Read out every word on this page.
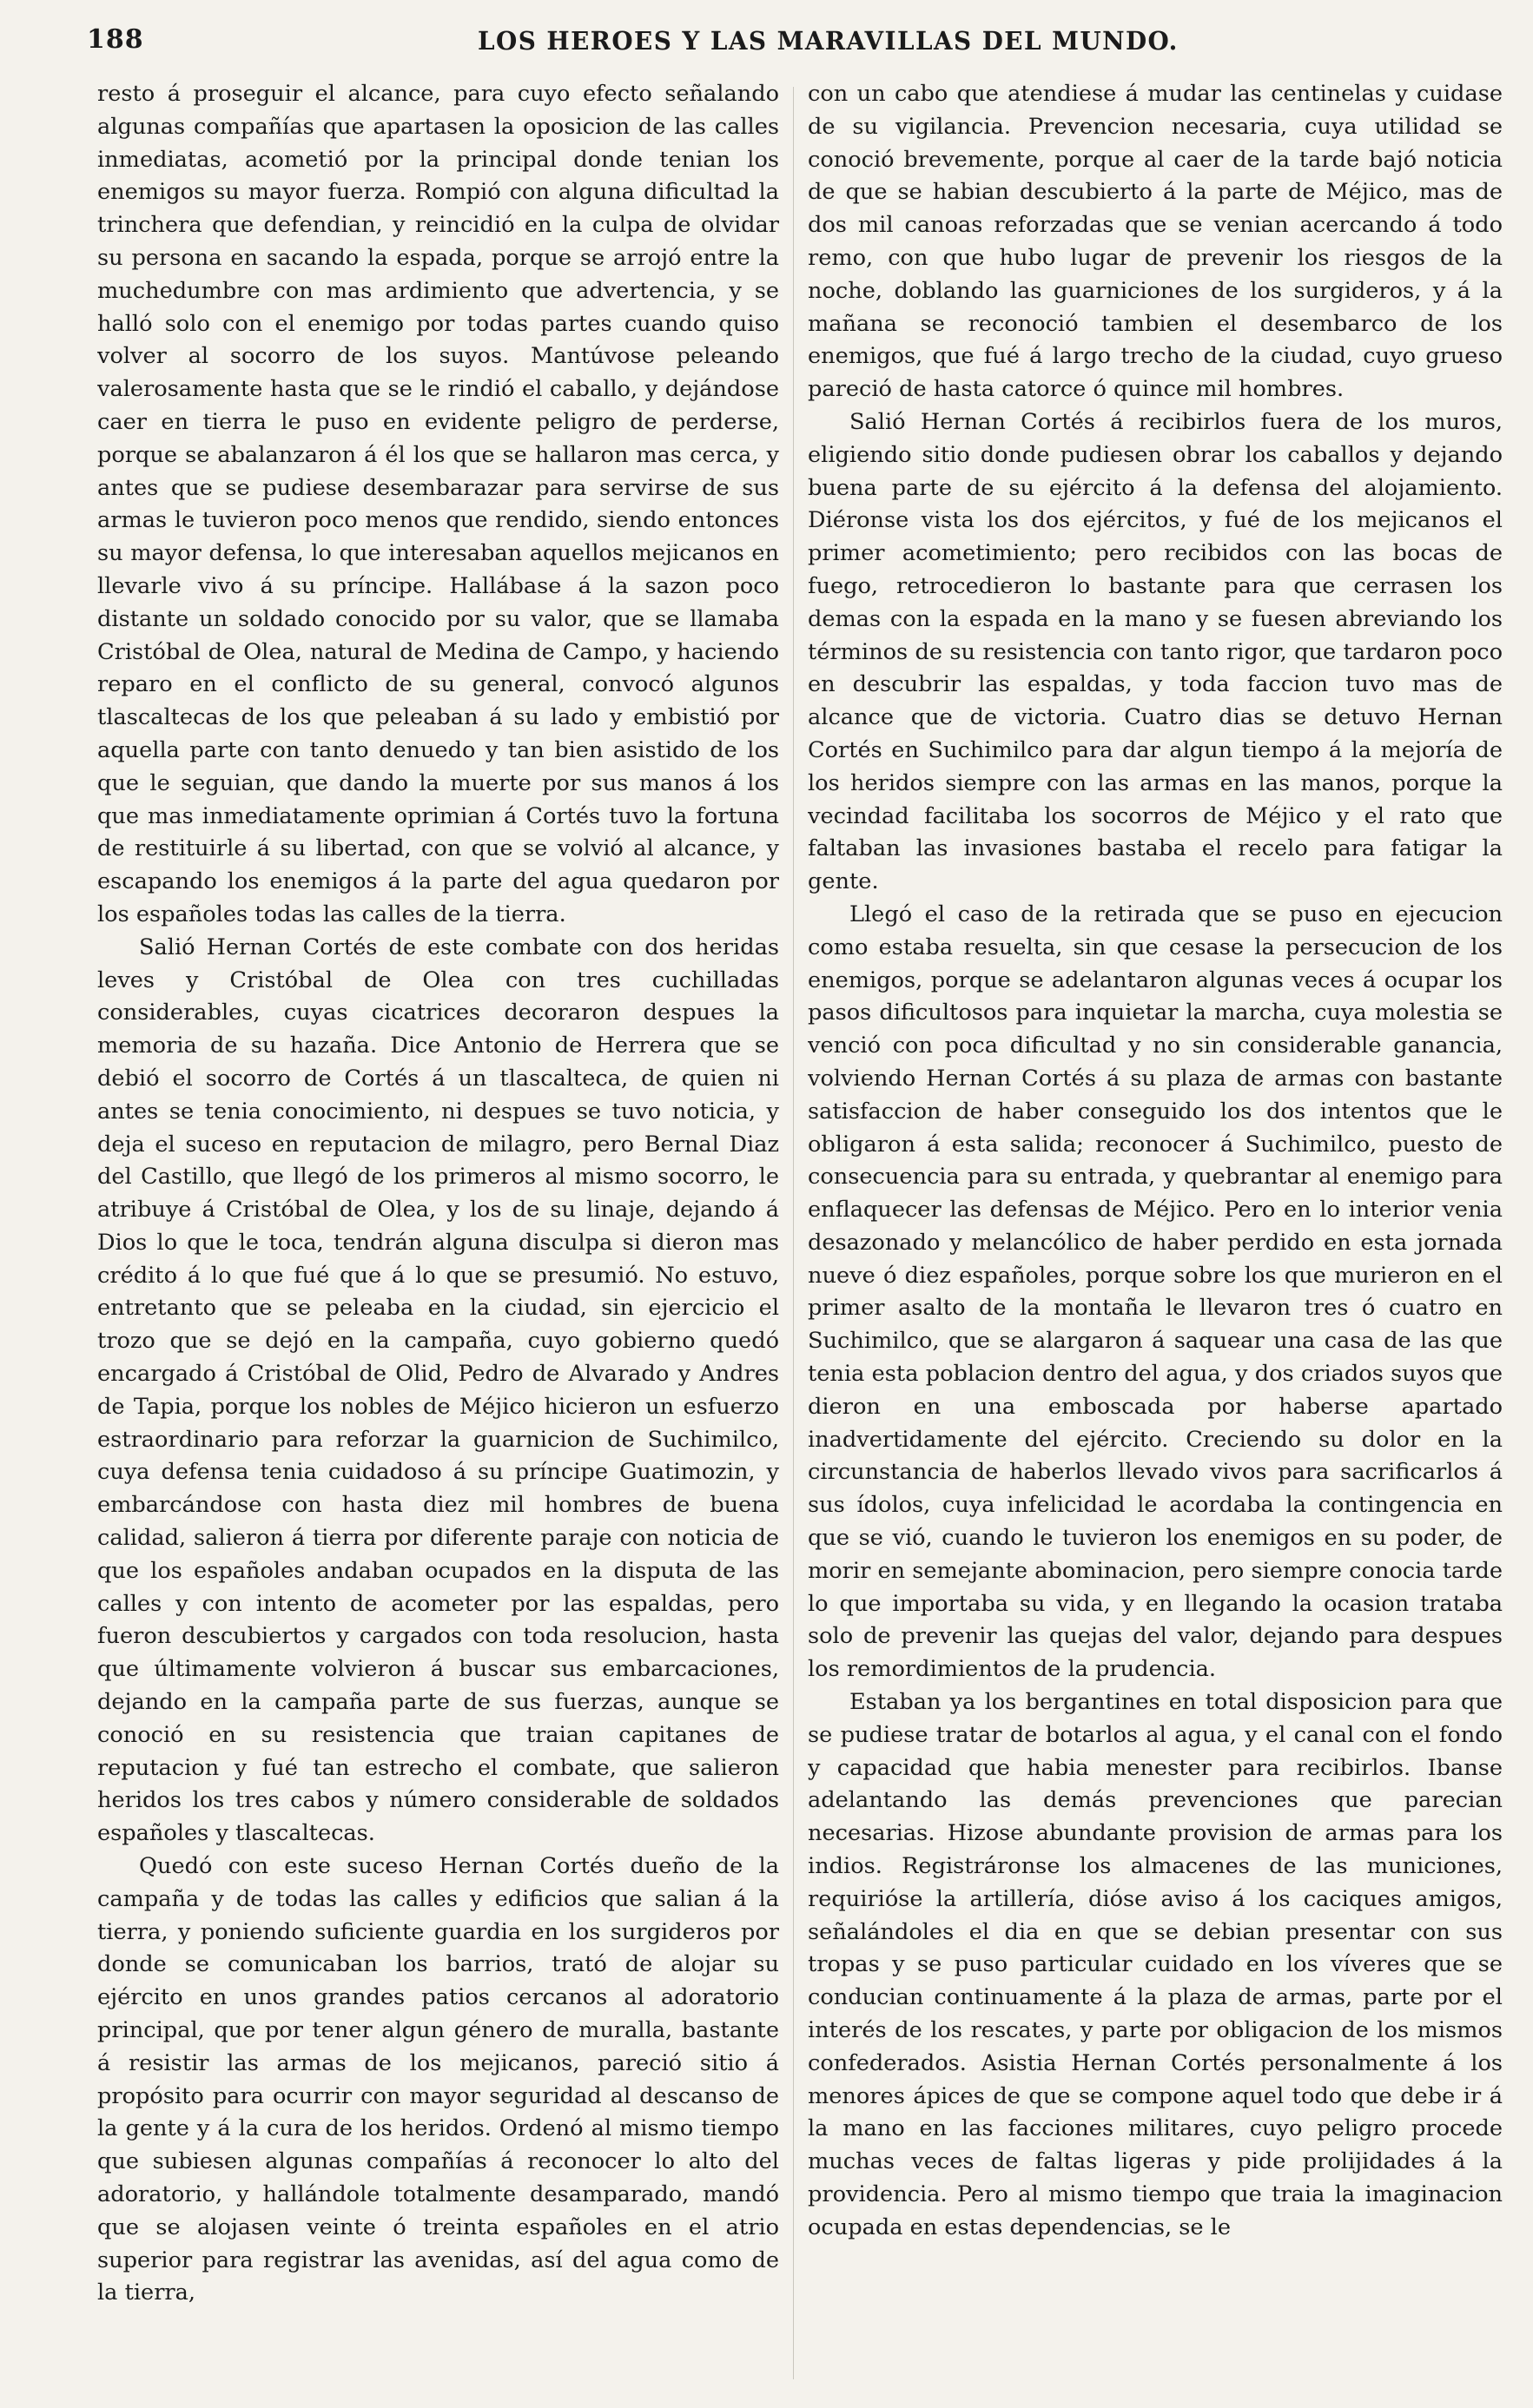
188	LOS HEROES Y LAS MARAVILLAS DEL MUNDO.

resto á proseguir el alcance, para cuyo efecto señalando algunas compañías que apartasen la oposicion de las calles inmediatas, acometió por la principal donde tenian los enemigos su mayor fuerza. Rompió con alguna dificultad la trinchera que defendian, y reincidió en la culpa de olvidar su persona en sacando la espada, porque se arrojó entre la muchedumbre con mas ardimiento que advertencia, y se halló solo con el enemigo por todas partes cuando quiso volver al socorro de los suyos. Mantúvose peleando valerosamente hasta que se le rindió el caballo, y dejándose caer en tierra le puso en evidente peligro de perderse, porque se abalanzaron á él los que se hallaron mas cerca, y antes que se pudiese desembarazar para servirse de sus armas le tuvieron poco menos que rendido, siendo entonces su mayor defensa, lo que interesaban aquellos mejicanos en llevarle vivo á su príncipe. Hallábase á la sazon poco distante un soldado conocido por su valor, que se llamaba Cristóbal de Olea, natural de Medina de Campo, y haciendo reparo en el conflicto de su general, convocó algunos tlascaltecas de los que peleaban á su lado y embistió por aquella parte con tanto denuedo y tan bien asistido de los que le seguian, que dando la muerte por sus manos á los que mas inmediatamente oprimian á Cortés tuvo la fortuna de restituirle á su libertad, con que se volvió al alcance, y escapando los enemigos á la parte del agua quedaron por los españoles todas las calles de la tierra.

Salió Hernan Cortés de este combate con dos heridas leves y Cristóbal de Olea con tres cuchilladas considerables, cuyas cicatrices decoraron despues la memoria de su hazaña. Dice Antonio de Herrera que se debió el socorro de Cortés á un tlascalteca, de quien ni antes se tenia conocimiento, ni despues se tuvo noticia, y deja el suceso en reputacion de milagro, pero Bernal Diaz del Castillo, que llegó de los primeros al mismo socorro, le atribuye á Cristóbal de Olea, y los de su linaje, dejando á Dios lo que le toca, tendrán alguna disculpa si dieron mas crédito á lo que fué que á lo que se presumió. No estuvo, entretanto que se peleaba en la ciudad, sin ejercicio el trozo que se dejó en la campaña, cuyo gobierno quedó encargado á Cristóbal de Olid, Pedro de Alvarado y Andres de Tapia, porque los nobles de Méjico hicieron un esfuerzo estraordinario para reforzar la guarnicion de Suchimilco, cuya defensa tenia cuidadoso á su príncipe Guatimozin, y embarcándose con hasta diez mil hombres de buena calidad, salieron á tierra por diferente paraje con noticia de que los españoles andaban ocupados en la disputa de las calles y con intento de acometer por las espaldas, pero fueron descubiertos y cargados con toda resolucion, hasta que últimamente volvieron á buscar sus embarcaciones, dejando en la campaña parte de sus fuerzas, aunque se conoció en su resistencia que traian capitanes de reputacion y fué tan estrecho el combate, que salieron heridos los tres cabos y número considerable de soldados españoles y tlascaltecas.

Quedó con este suceso Hernan Cortés dueño de la campaña y de todas las calles y edificios que salian á la tierra, y poniendo suficiente guardia en los surgideros por donde se comunicaban los barrios, trató de alojar su ejército en unos grandes patios cercanos al adoratorio principal, que por tener algun género de muralla, bastante á resistir las armas de los mejicanos, pareció sitio á propósito para ocurrir con mayor seguridad al descanso de la gente y á la cura de los heridos. Ordenó al mismo tiempo que subiesen algunas compañías á reconocer lo alto del adoratorio, y hallándole totalmente desamparado, mandó que se alojasen veinte ó treinta españoles en el atrio superior para registrar las avenidas, así del agua como de la tierra,

con un cabo que atendiese á mudar las centinelas y cuidase de su vigilancia. Prevencion necesaria, cuya utilidad se conoció brevemente, porque al caer de la tarde bajó noticia de que se habian descubierto á la parte de Méjico, mas de dos mil canoas reforzadas que se venian acercando á todo remo, con que hubo lugar de prevenir los riesgos de la noche, doblando las guarniciones de los surgideros, y á la mañana se reconoció tambien el desembarco de los enemigos, que fué á largo trecho de la ciudad, cuyo grueso pareció de hasta catorce ó quince mil hombres.

Salió Hernan Cortés á recibirlos fuera de los muros, eligiendo sitio donde pudiesen obrar los caballos y dejando buena parte de su ejército á la defensa del alojamiento. Diéronse vista los dos ejércitos, y fué de los mejicanos el primer acometimiento; pero recibidos con las bocas de fuego, retrocedieron lo bastante para que cerrasen los demas con la espada en la mano y se fuesen abreviando los términos de su resistencia con tanto rigor, que tardaron poco en descubrir las espaldas, y toda faccion tuvo mas de alcance que de victoria. Cuatro dias se detuvo Hernan Cortés en Suchimilco para dar algun tiempo á la mejoría de los heridos siempre con las armas en las manos, porque la vecindad facilitaba los socorros de Méjico y el rato que faltaban las invasiones bastaba el recelo para fatigar la gente.

Llegó el caso de la retirada que se puso en ejecucion como estaba resuelta, sin que cesase la persecucion de los enemigos, porque se adelantaron algunas veces á ocupar los pasos dificultosos para inquietar la marcha, cuya molestia se venció con poca dificultad y no sin considerable ganancia, volviendo Hernan Cortés á su plaza de armas con bastante satisfaccion de haber conseguido los dos intentos que le obligaron á esta salida; reconocer á Suchimilco, puesto de consecuencia para su entrada, y quebrantar al enemigo para enflaquecer las defensas de Méjico. Pero en lo interior venia desazonado y melancólico de haber perdido en esta jornada nueve ó diez españoles, porque sobre los que murieron en el primer asalto de la montaña le llevaron tres ó cuatro en Suchimilco, que se alargaron á saquear una casa de las que tenia esta poblacion dentro del agua, y dos criados suyos que dieron en una emboscada por haberse apartado inadvertidamente del ejército. Creciendo su dolor en la circunstancia de haberlos llevado vivos para sacrificarlos á sus ídolos, cuya infelicidad le acordaba la contingencia en que se vió, cuando le tuvieron los enemigos en su poder, de morir en semejante abominacion, pero siempre conocia tarde lo que importaba su vida, y en llegando la ocasion trataba solo de prevenir las quejas del valor, dejando para despues los remordimientos de la prudencia.

Estaban ya los bergantines en total disposicion para que se pudiese tratar de botarlos al agua, y el canal con el fondo y capacidad que habia menester para recibirlos. Ibanse adelantando las demás prevenciones que parecian necesarias. Hizose abundante provision de armas para los indios. Registráronse los almacenes de las municiones, requirióse la artillería, dióse aviso á los caciques amigos, señalándoles el dia en que se debian presentar con sus tropas y se puso particular cuidado en los víveres que se conducian continuamente á la plaza de armas, parte por el interés de los rescates, y parte por obligacion de los mismos confederados. Asistia Hernan Cortés personalmente á los menores ápices de que se compone aquel todo que debe ir á la mano en las facciones militares, cuyo peligro procede muchas veces de faltas ligeras y pide prolijidades á la providencia. Pero al mismo tiempo que traia la imaginacion ocupada en estas dependencias, se le
